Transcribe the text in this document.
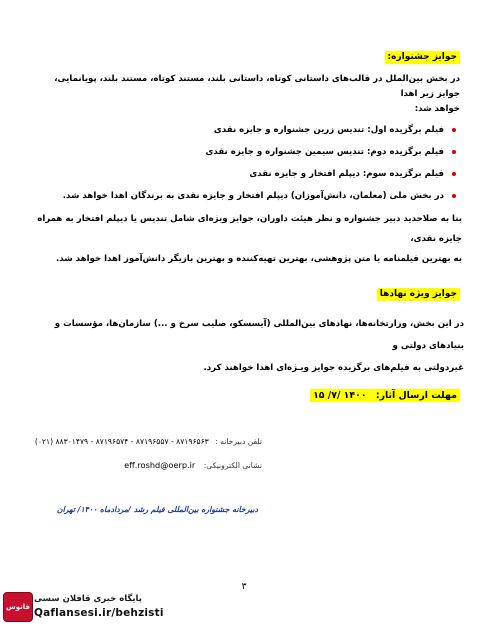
جوایز جشنواره:
در بخش بین‌الملل در قالب‌های داستانی کوتاه، داستانی بلند، مستند کوتاه، مستند بلند، پویانمایی، جوایز زیر اهدا
خواهد شد:
فیلم برگزیده اول: تندیس زرین جشنواره و جایزه نقدی
فیلم برگزیده دوم: تندیس سیمین جشنواره و جایزه نقدی
فیلم برگزیده سوم: دیپلم افتخار و جایزه نقدی
در بخش ملی (معلمان، دانش‌آموزان) دیپلم افتخار و جایزه نقدی به برندگان اهدا خواهد شد.
بنا به صلاحدید دبیر جشنواره و نظر هیئت داوران، جوایز ویژه‌ای شامل تندیس یا دیپلم افتخار به همراه جایزه نقدی،
به بهترین فیلمنامه یا متن پژوهشی، بهترین تهیه‌کننده و بهترین بازیگر دانش‌آموز اهدا خواهد شد.
جوایز ویژه نهادها
در این بخش، وزارتخانه‌ها، نهادهای بین‌المللی (آیسسکو، صلیب سرخ و ...) سازمان‌ها، مؤسسات و بنیادهای دولتی و
غیردولتی به فیلم‌های برگزیده جوایز ویـژه‌ای اهدا خواهند کرد.
مهلت ارسال آثار: ۱۴۰۰ /۷/ ۱۵
تلفن دبیرخانه : ۸۷۱۹۶۵۶۳ - ۸۷۱۹۶۵۵۷ - ۸۷۱۹۶۵۷۴ - ۸۸۳۰۱۴۷۹ (۰۲۱)
نشانی الکترونیکی: eff.roshd@oerp.ir
دبیرخانه جشنواره بین‌المللی فیلم رشد /مردادماه ۱۴۰۰/ تهران
۳
فانوس
پایگاه خبری قافلان سسی
Qaflansesi.ir/behzisti
